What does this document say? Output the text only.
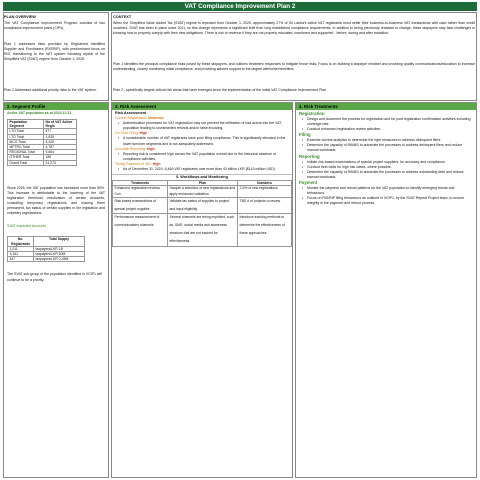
VAT Compliance Improvement Plan 2
PLAN OVERVIEW
The VAT Compliance Improvement Program consists of two compliance improvement plans (CIPs).
Plan 1 addresses risks provided by Registered Identified Supplier and Purchasers (RIS/RIP), with predominant focus on RIS, transitioning to the VAT system following repeal of the Simplified VAT (SVAT) regime from October 1, 2025.
Plan 2 Addresses additional priority risks to the VAT system.
CONTEXT
When the Simplified Value Added Tax (SVAT) regime is repealed from October 1, 2025, approximately 27% of Sri Lanka's active VAT registrants must settle their business-to-business VAT transactions with cash rather than credit vouchers. SVAT has been in place since 2011, so this change represents a significant shift from long established compliance requirements. In addition to being previously resistant to change, these taxpayers may face challenges in knowing how to properly comply with their new obligations. There is risk to revenue if they are not properly educated, monitored and supported - before, during and after transition.
Plan 1 identifies the principal compliance risks posed by these taxpayers, and outlines treatment responses to mitigate those risks. Focus is on building a taxpayer mindset and providing quality communications/education to increase understanding, closely monitoring initial compliance, and providing tailored support to the largest withholder/remitters.
Plan 2 - specifically targets critical risk areas that have emerged since the implementation of the initial VAT Compliance Improvement Plan.
2. Segment Profile
Active VAT population as at 2024.12.31
Population Segment	No of VAT Active Regis
LTO Total	577
LTO Total	1,635
MCO Total	5,425
MFTRO Total	4,787
REGIONAL Total	9,664
OTHER Total	185
Grand Total	21,273
Since 2025, the VAT population has increased more than 50%. This increase is attributable to the lowering of the VAT registration threshold, reactivation of certain accounts, consulting temporary registrations and making them permanent, tax status of certain supplies in the legislation and voluntary registrations.
SVAT Impacted Accounts
No. Registrants	Total Supply
1,011	taxpayers/LKR 1B
3,161	taxpayers/LKR 50M
347	taxpayers/LKR 0-45M
The SVAT sub-group of the population identified in VCIP1 will continue to be a priority.
3. Risk Assessment
Risk Assessment
Correct Registration: Moderate
• Authentication processes for VAT registration may not prevent the infiltration of bad actors into the VAT population leading to unwarranted refunds and/or false invoicing.
On Time Filing: High
• A considerable number of VAT registrants have poor filing compliance. This is significantly elevated in the lower turnover segments and is not adequately addressed.
Accurate Reporting: High
• Reporting risk is considered high across the VAT population overall due to the historical absence of compliance activities.
Timely Payment of VAT: High
• As of December 31, 2024, 6,469 VAT registrants owe more than 43 billion LKR ($143 million USD)
5. Workflows and Monitoring
Treatments	Plan	Numbers
Enhanced registration reviews Con	Sample a selection of new registrations and apply enhanced validation	2-5% of new registrations
Risk based examinations of special project supplies	Validate tax status of supplies to project and input eligibility	TBD # of projects to review
Performance measurement of communications channels	Several channels are being exploited, such as, SMS, social media and awareness sessions that are not tracked for effectiveness.	Introduce tracking methods to determine the effectiveness of these approaches.
4. Risk Treatments
Registration
• Design and document the process for registration and for post registration confirmation activities including coverage rate.
• Conduct enhanced registration review activities.
Filing
• Examine current analytics to determine the right measures to address delinquent filers.
• Determine the capacity of RAMIS to automate the processes to address delinquent filers and reduce manual workloads.
Reporting
• Initiate risk-based examinations of special project suppliers, for accuracy and compliance.
• Conduct field visits for high risk cases, where possible.
• Determine the capacity of RAMIS to automate the processes to address outstanding debt and reduce manual workloads.
Payment
• Monitor the payment and refund patterns for the VAT population to identify emerging trends and behaviours.
• Focus on RIS/RIP filing behaviours as outlined in VCIP1, by the SVAT Repeal Project team, to ensure integrity in the payment and refund process.
